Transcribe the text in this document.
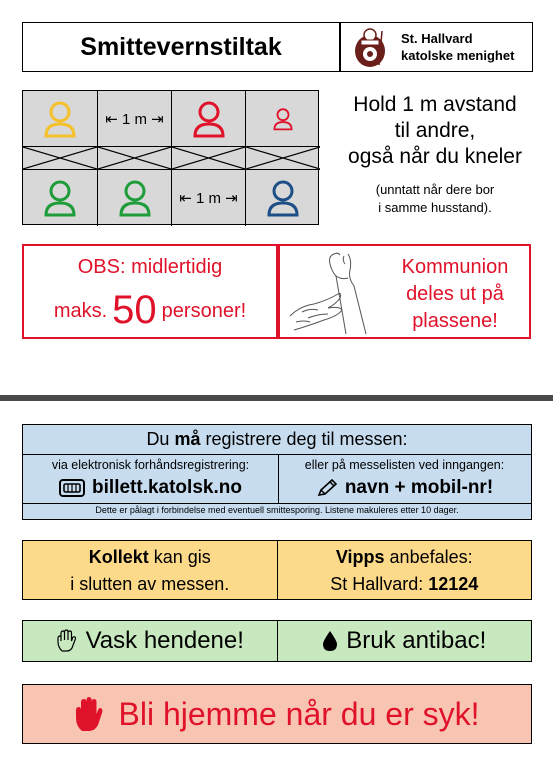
Smittevernstiltak	St. Hallvard
katolske menighet
⇤ 1 m ⇥
⇤ 1 m ⇥
Hold 1 m avstand
til andre,
også når du kneler
(unntatt når dere bor
i samme husstand).
OBS: midlertidig
maks. 50 personer!
Kommunion
deles ut på
plassene!
Du må registrere deg til messen:
via elektronisk forhåndsregistrering:
billett.katolsk.no
eller på messelisten ved inngangen:
navn + mobil-nr!
Dette er pålagt i forbindelse med eventuell smittesporing. Listene makuleres etter 10 dager.
Kollekt kan gis
i slutten av messen.
Vipps anbefales:
St Hallvard: 12124
Vask hendene!	Bruk antibac!
Bli hjemme når du er syk!
